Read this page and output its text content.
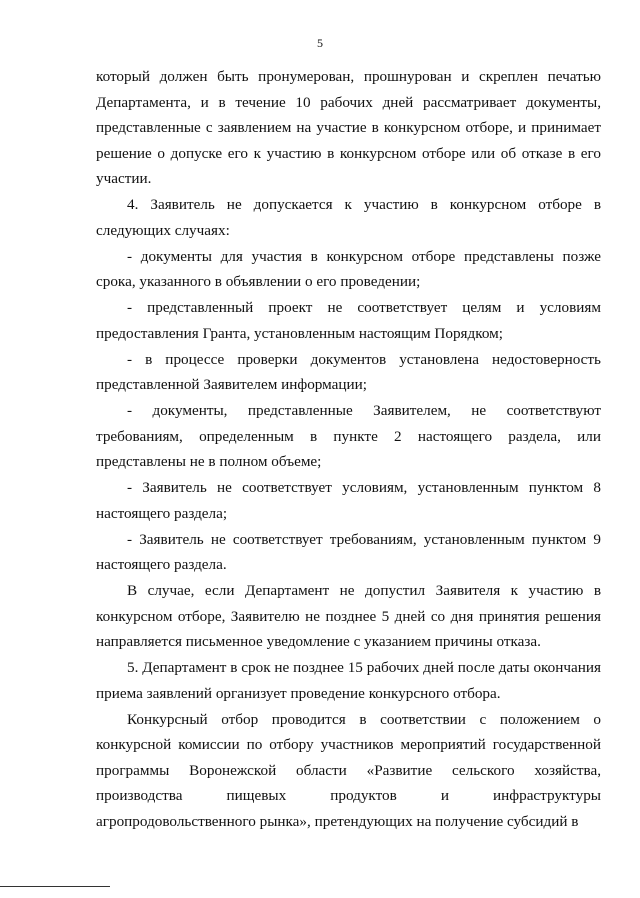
5

который должен быть пронумерован, прошнурован и скреплен печатью Департамента, и в течение 10 рабочих дней рассматривает документы, представленные с заявлением на участие в конкурсном отборе, и принимает решение о допуске его к участию в конкурсном отборе или об отказе в его участии.

4. Заявитель не допускается к участию в конкурсном отборе в следующих случаях:

- документы для участия в конкурсном отборе представлены позже срока, указанного в объявлении о его проведении;

- представленный проект не соответствует целям и условиям предоставления Гранта, установленным настоящим Порядком;

- в процессе проверки документов установлена недостоверность представленной Заявителем информации;

- документы, представленные Заявителем, не соответствуют требованиям, определенным в пункте 2 настоящего раздела, или представлены не в полном объеме;

- Заявитель не соответствует условиям, установленным пунктом 8 настоящего раздела;

- Заявитель не соответствует требованиям, установленным пунктом 9 настоящего раздела.

В случае, если Департамент не допустил Заявителя к участию в конкурсном отборе, Заявителю не позднее 5 дней со дня принятия решения направляется письменное уведомление с указанием причины отказа.

5. Департамент в срок не позднее 15 рабочих дней после даты окончания приема заявлений организует проведение конкурсного отбора.

Конкурсный отбор проводится в соответствии с положением о конкурсной комиссии по отбору участников мероприятий государственной программы Воронежской области «Развитие сельского хозяйства, производства пищевых продуктов и инфраструктуры агропродовольственного рынка», претендующих на получение субсидий в
